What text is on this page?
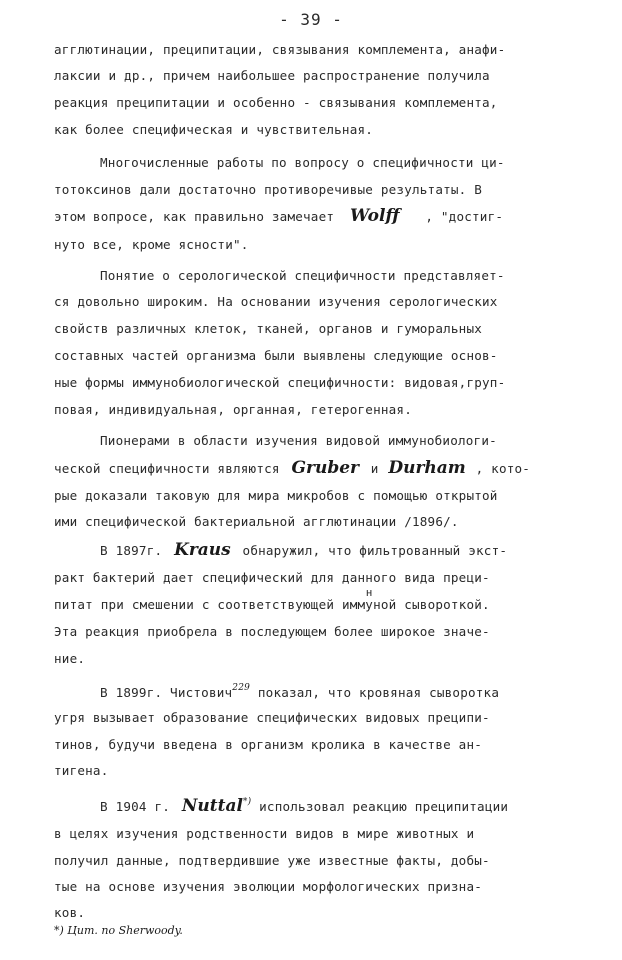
- 39 -
агглютинации, преципитации, связывания комплемента, анафи-
лаксии и др., причем наибольшее распространение получила
реакция преципитации и особенно - связывания комплемента,
как более специфическая и чувствительная.
Многочисленные работы по вопросу о специфичности ци-
тотоксинов дали достаточно противоречивые результаты. В
этом вопросе, как правильно замечает Wolff , "достиг-
нуто все, кроме ясности".
Понятие о серологической специфичности представляет-
ся довольно широким. На основании изучения серологических
свойств различных клеток, тканей, органов и гуморальных
составных частей организма были выявлены следующие основ-
ные формы иммунобиологической специфичности: видовая,груп-
повая, индивидуальная, органная, гетерогенная.
Пионерами в области изучения видовой иммунобиологи-
ческой специфичности являются Gruber и Durham , кото-
рые доказали таковую для мира микробов с помощью открытой
ими специфической бактериальной агглютинации /1896/.
В 1897г. Kraus обнаружил, что фильтрованный экст-
ракт бактерий дает специфический для данного вида преци-
питат при смешении с соответствующей иммуной
н
сывороткой.
Эта реакция приобрела в последующем более широкое значе-
ние.
В 1899г. Чистович$^{229}$ показал, что кровяная сыворотка
угря вызывает образование специфических видовых преципи-
тинов, будучи введена в организм кролика в качестве ан-
тигена.
В 1904 г. Nuttal*) использовал реакцию преципитации
в целях изучения родственности видов в мире животных и
получил данные, подтвердившие уже известные факты, добы-
тые на основе изучения эволюции морфологических призна-
ков.
*) Цит. по Sherwoody.
